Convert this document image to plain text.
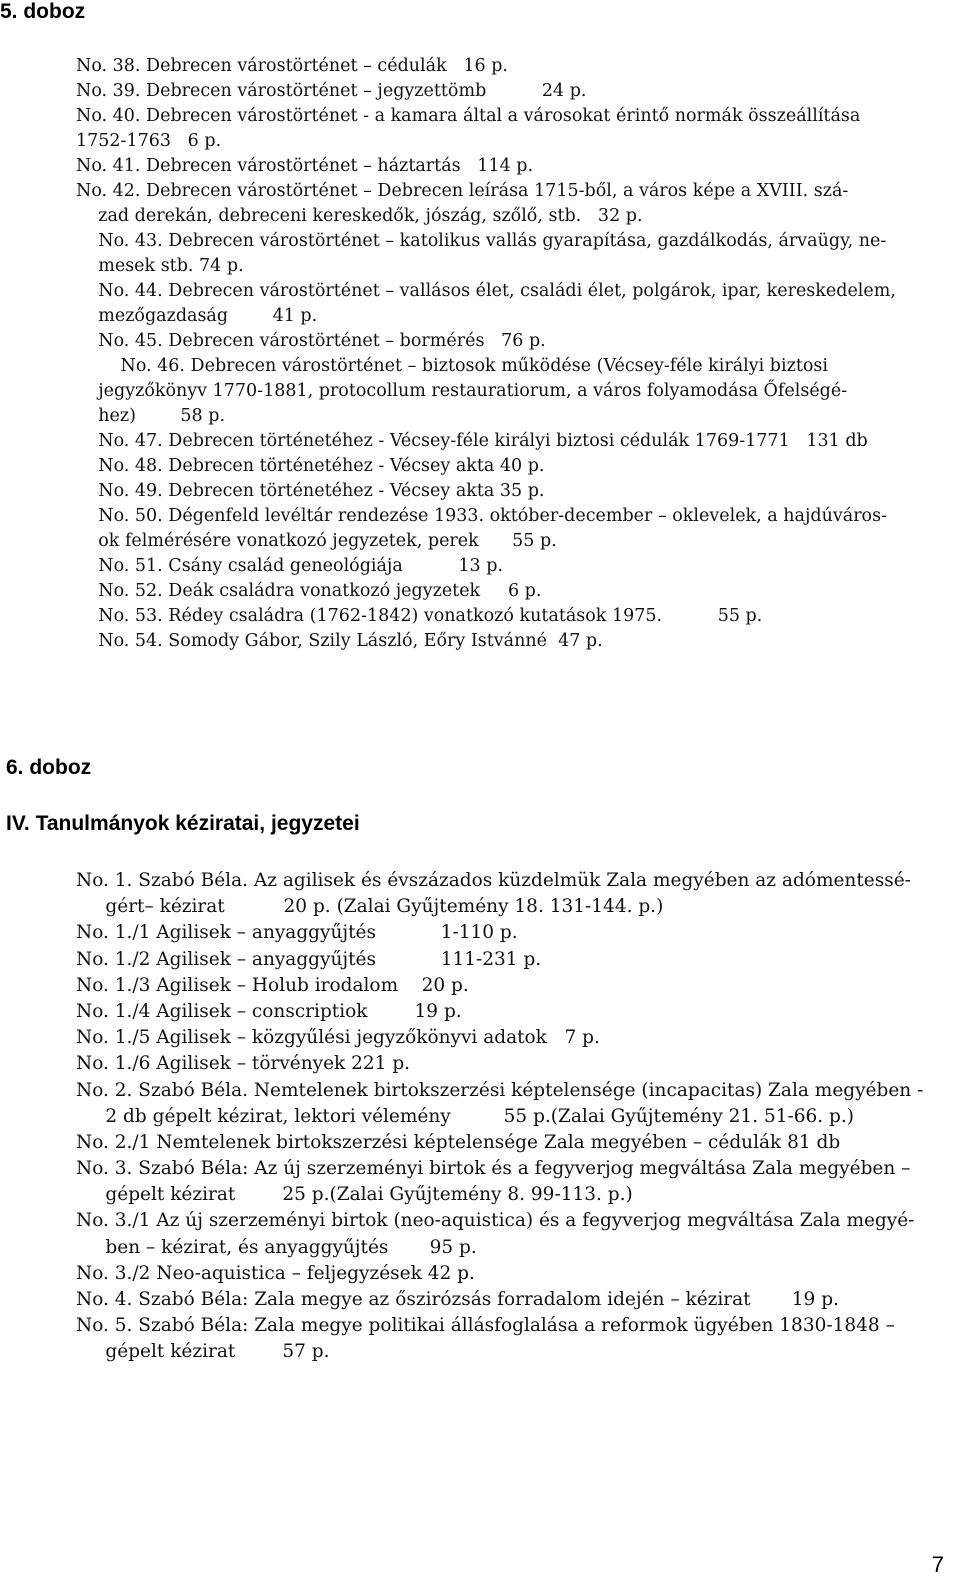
5. doboz
No. 38. Debrecen várostörténet – cédulák   16 p.
No. 39. Debrecen várostörténet – jegyzettömb          24 p.
No. 40. Debrecen várostörténet - a kamara által a városokat érintő normák összeállítása
1752-1763   6 p.
No. 41. Debrecen várostörténet – háztartás   114 p.
No. 42. Debrecen várostörténet – Debrecen leírása 1715-ből, a város képe a XVIII. szá-
zad derekán, debreceni kereskedők, jószág, szőlő, stb.   32 p.
No. 43. Debrecen várostörténet – katolikus vallás gyarapítása, gazdálkodás, árvaügy, ne-
mesek stb. 74 p.
No. 44. Debrecen várostörténet – vallásos élet, családi élet, polgárok, ipar, kereskedelem,
mezőgazdaság        41 p.
No. 45. Debrecen várostörténet – bormérés   76 p.
No. 46. Debrecen várostörténet – biztosok működése (Vécsey-féle királyi biztosi
jegyzőkönyv 1770-1881, protocollum restauratiorum, a város folyamodása Őfelségé-
hez)        58 p.
No. 47. Debrecen történetéhez - Vécsey-féle királyi biztosi cédulák 1769-1771   131 db
No. 48. Debrecen történetéhez - Vécsey akta 40 p.
No. 49. Debrecen történetéhez - Vécsey akta 35 p.
No. 50. Dégenfeld levéltár rendezése 1933. október-december – oklevelek, a hajdúváros-
ok felmérésére vonatkozó jegyzetek, perek      55 p.
No. 51. Csány család geneológiája          13 p.
No. 52. Deák családra vonatkozó jegyzetek     6 p.
No. 53. Rédey családra (1762-1842) vonatkozó kutatások 1975.          55 p.
No. 54. Somody Gábor, Szily László, Eőry Istvánné  47 p.
6. doboz
IV. Tanulmányok kéziratai, jegyzetei
No. 1. Szabó Béla. Az agilisek és évszázados küzdelmük Zala megyében az adómentessé-
gért– kézirat          20 p. (Zalai Gyűjtemény 18. 131-144. p.)
No. 1./1 Agilisek – anyaggyűjtés           1-110 p.
No. 1./2 Agilisek – anyaggyűjtés           111-231 p.
No. 1./3 Agilisek – Holub irodalom    20 p.
No. 1./4 Agilisek – conscriptiok        19 p.
No. 1./5 Agilisek – közgyűlési jegyzőkönyvi adatok   7 p.
No. 1./6 Agilisek – törvények 221 p.
No. 2. Szabó Béla. Nemtelenek birtokszerzési képtelensége (incapacitas) Zala megyében -
2 db gépelt kézirat, lektori vélemény         55 p.(Zalai Gyűjtemény 21. 51-66. p.)
No. 2./1 Nemtelenek birtokszerzési képtelensége Zala megyében – cédulák 81 db
No. 3. Szabó Béla: Az új szerzeményi birtok és a fegyverjog megváltása Zala megyében –
gépelt kézirat        25 p.(Zalai Gyűjtemény 8. 99-113. p.)
No. 3./1 Az új szerzeményi birtok (neo-aquistica) és a fegyverjog megváltása Zala megyé-
ben – kézirat, és anyaggyűjtés       95 p.
No. 3./2 Neo-aquistica – feljegyzések 42 p.
No. 4. Szabó Béla: Zala megye az őszirózsás forradalom idején – kézirat       19 p.
No. 5. Szabó Béla: Zala megye politikai állásfoglalása a reformok ügyében 1830-1848 –
gépelt kézirat        57 p.
7
